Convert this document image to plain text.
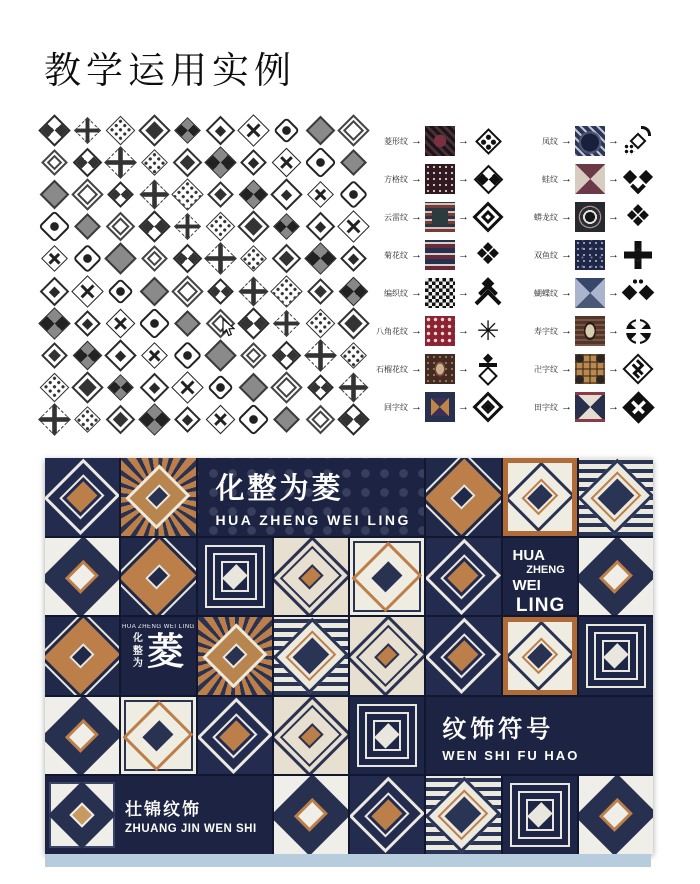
教学运用实例
菱形纹 →	→
方格纹 →	→
云雷纹 →	→
菊花纹 →	→
❖
编织纹 →	→
八角花纹 →	→
✳
石榴花纹 →	→
回字纹 →	→
凤纹 →	→
蛙纹 →	→
蟒龙纹 →	→
❖
双鱼纹 →	→
蝴蝶纹 →	→
寿字纹 →	→
卍字纹 →	→
田字纹 →	→
化整为菱
HUA ZHENG WEI LING
HUA
ZHENG
WEI
LING
HUA ZHENG WEI LING
化
整
为 菱
纹饰符号
WEN SHI FU HAO
壮锦纹饰
ZHUANG JIN WEN SHI
